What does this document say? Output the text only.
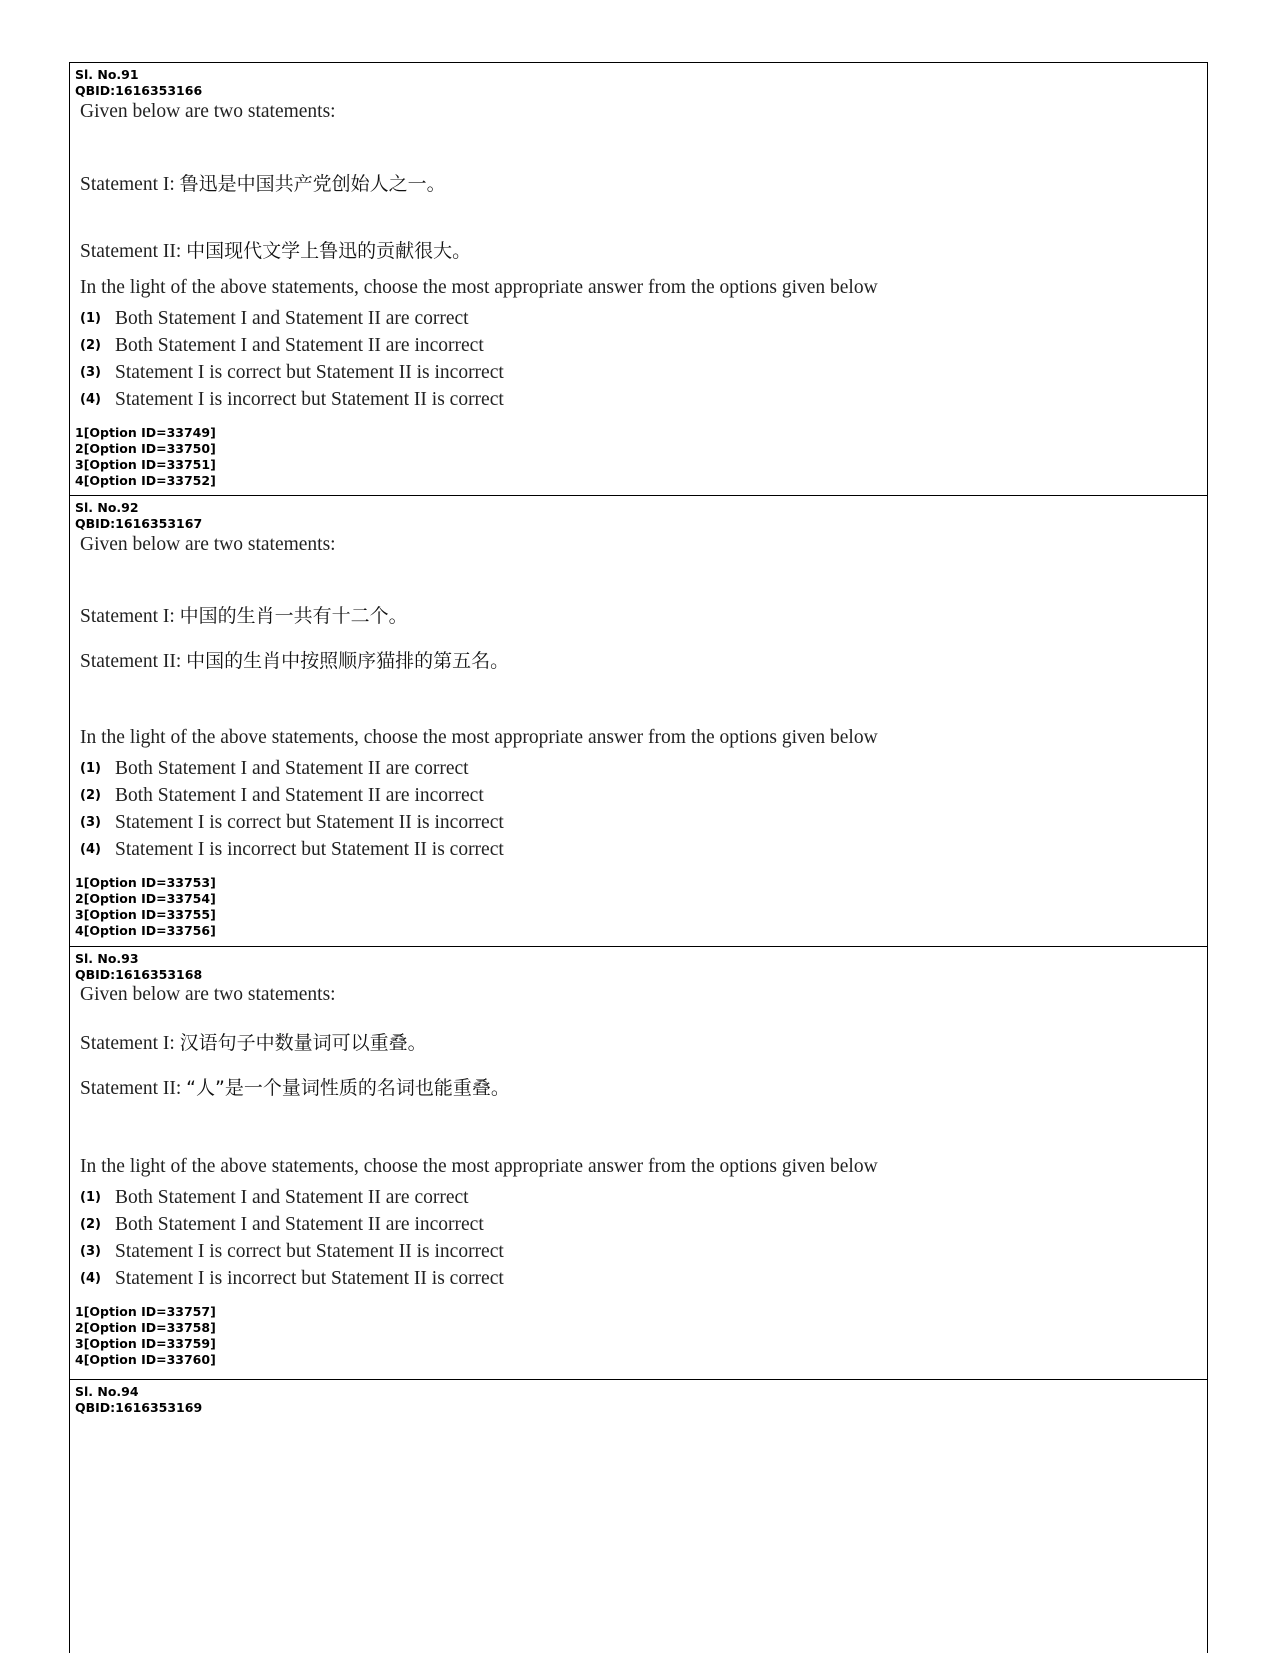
Sl. No.91
QBID:1616353166
Given below are two statements:
Statement I: 鲁迅是中国共产党创始人之一。
Statement II: 中国现代文学上鲁迅的贡献很大。
In the light of the above statements, choose the most appropriate answer from the options given below
(1) Both Statement I and Statement II are correct
(2) Both Statement I and Statement II are incorrect
(3) Statement I is correct but Statement II is incorrect
(4) Statement I is incorrect but Statement II is correct
1[Option ID=33749]
2[Option ID=33750]
3[Option ID=33751]
4[Option ID=33752]
Sl. No.92
QBID:1616353167
Given below are two statements:
Statement I: 中国的生肖一共有十二个。
Statement II: 中国的生肖中按照顺序猫排的第五名。
In the light of the above statements, choose the most appropriate answer from the options given below
(1) Both Statement I and Statement II are correct
(2) Both Statement I and Statement II are incorrect
(3) Statement I is correct but Statement II is incorrect
(4) Statement I is incorrect but Statement II is correct
1[Option ID=33753]
2[Option ID=33754]
3[Option ID=33755]
4[Option ID=33756]
Sl. No.93
QBID:1616353168
Given below are two statements:
Statement I: 汉语句子中数量词可以重叠。
Statement II: “人”是一个量词性质的名词也能重叠。
In the light of the above statements, choose the most appropriate answer from the options given below
(1) Both Statement I and Statement II are correct
(2) Both Statement I and Statement II are incorrect
(3) Statement I is correct but Statement II is incorrect
(4) Statement I is incorrect but Statement II is correct
1[Option ID=33757]
2[Option ID=33758]
3[Option ID=33759]
4[Option ID=33760]
Sl. No.94
QBID:1616353169
